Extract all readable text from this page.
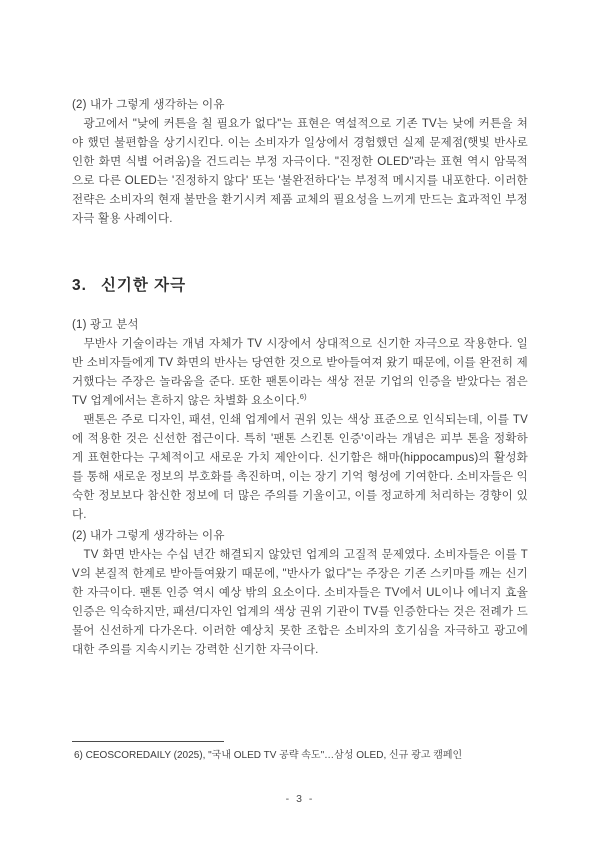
(2) 내가 그렇게 생각하는 이유

광고에서 "낮에 커튼을 칠 필요가 없다"는 표현은 역설적으로 기존 TV는 낮에 커튼을 쳐야 했던 불편함을 상기시킨다. 이는 소비자가 일상에서 경험했던 실제 문제점(햇빛 반사로 인한 화면 식별 어려움)을 건드리는 부정 자극이다. "진정한 OLED"라는 표현 역시 암묵적으로 다른 OLED는 '진정하지 않다' 또는 '불완전하다'는 부정적 메시지를 내포한다. 이러한 전략은 소비자의 현재 불만을 환기시켜 제품 교체의 필요성을 느끼게 만드는 효과적인 부정 자극 활용 사례이다.

3. 신기한 자극

(1) 광고 분석

무반사 기술이라는 개념 자체가 TV 시장에서 상대적으로 신기한 자극으로 작용한다. 일반 소비자들에게 TV 화면의 반사는 당연한 것으로 받아들여져 왔기 때문에, 이를 완전히 제거했다는 주장은 놀라움을 준다. 또한 팬톤이라는 색상 전문 기업의 인증을 받았다는 점은 TV 업계에서는 흔하지 않은 차별화 요소이다.$^{6)}$

팬톤은 주로 디자인, 패션, 인쇄 업계에서 권위 있는 색상 표준으로 인식되는데, 이를 TV에 적용한 것은 신선한 접근이다. 특히 '팬톤 스킨톤 인증'이라는 개념은 피부 톤을 정확하게 표현한다는 구체적이고 새로운 가치 제안이다. 신기함은 해마(hippocampus)의 활성화를 통해 새로운 정보의 부호화를 촉진하며, 이는 장기 기억 형성에 기여한다. 소비자들은 익숙한 정보보다 참신한 정보에 더 많은 주의를 기울이고, 이를 정교하게 처리하는 경향이 있다.

(2) 내가 그렇게 생각하는 이유

TV 화면 반사는 수십 년간 해결되지 않았던 업계의 고질적 문제였다. 소비자들은 이를 TV의 본질적 한계로 받아들여왔기 때문에, "반사가 없다"는 주장은 기존 스키마를 깨는 신기한 자극이다. 팬톤 인증 역시 예상 밖의 요소이다. 소비자들은 TV에서 UL이나 에너지 효율 인증은 익숙하지만, 패션/디자인 업계의 색상 권위 기관이 TV를 인증한다는 것은 전례가 드물어 신선하게 다가온다. 이러한 예상치 못한 조합은 소비자의 호기심을 자극하고 광고에 대한 주의를 지속시키는 강력한 신기한 자극이다.

6) CEOSCOREDAILY (2025), "국내 OLED TV 공략 속도"…삼성 OLED, 신규 광고 캠페인
- 3 -
